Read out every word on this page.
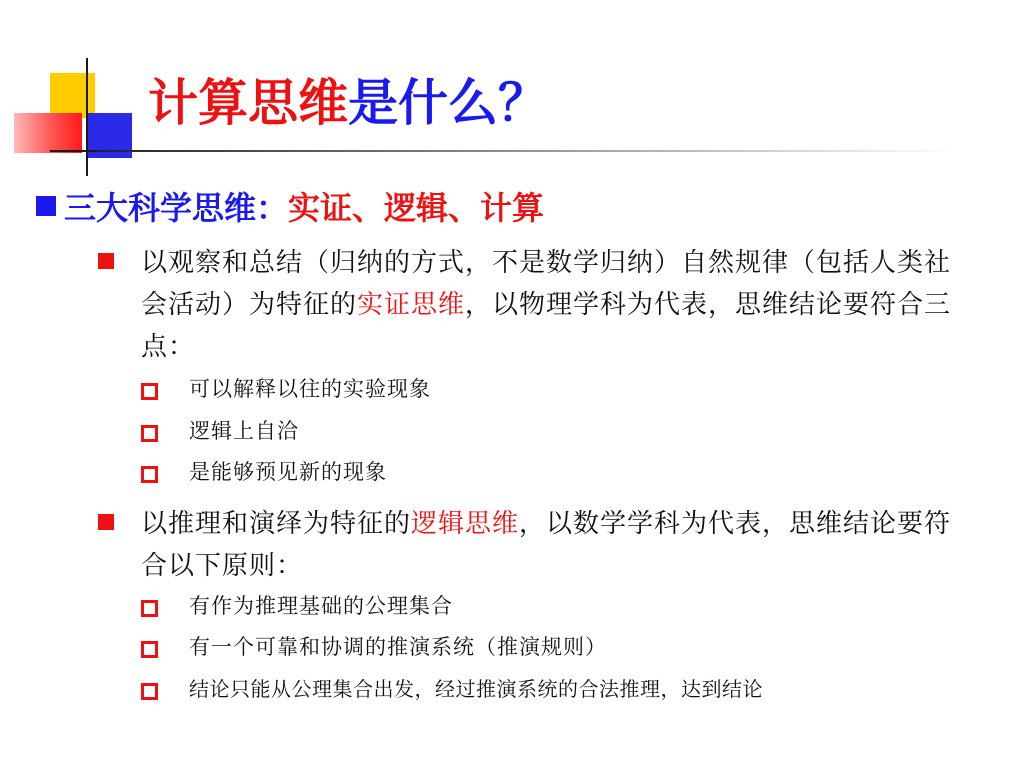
计算思维是什么？
三大科学思维：实证、逻辑、计算
以观察和总结（归纳的方式，不是数学归纳）自然规律（包括人类社会活动）为特征的实证思维，以物理学科为代表，思维结论要符合三点：
可以解释以往的实验现象
逻辑上自洽
是能够预见新的现象
以推理和演绎为特征的逻辑思维，以数学学科为代表，思维结论要符合以下原则：
有作为推理基础的公理集合
有一个可靠和协调的推演系统（推演规则）
结论只能从公理集合出发，经过推演系统的合法推理，达到结论
